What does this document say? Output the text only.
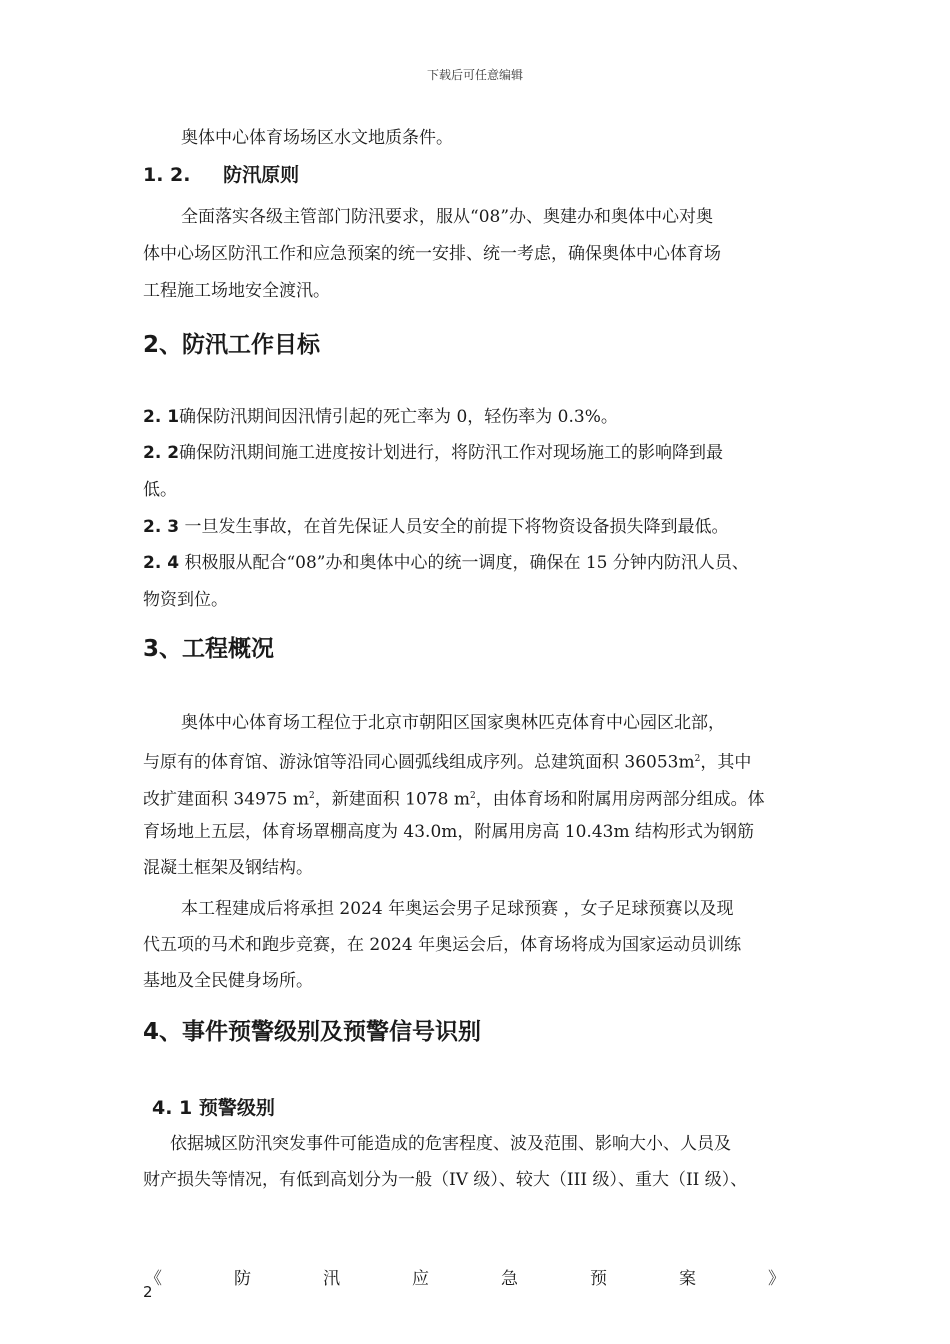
下载后可任意编辑
奥体中心体育场场区水文地质条件。
1. 2. 防汛原则
全面落实各级主管部门防汛要求，服从“08”办、奥建办和奥体中心对奥
体中心场区防汛工作和应急预案的统一安排、统一考虑，确保奥体中心体育场
工程施工场地安全渡汛。
2、防汛工作目标
2. 1确保防汛期间因汛情引起的死亡率为 0，轻伤率为 0.3%。
2. 2确保防汛期间施工进度按计划进行，将防汛工作对现场施工的影响降到最
低。
2. 3 一旦发生事故，在首先保证人员安全的前提下将物资设备损失降到最低。
2. 4 积极服从配合“08”办和奥体中心的统一调度，确保在 15 分钟内防汛人员、
物资到位。
3、工程概况
奥体中心体育场工程位于北京市朝阳区国家奥林匹克体育中心园区北部，
与原有的体育馆、游泳馆等沿同心圆弧线组成序列。总建筑面积 $36053m^2$，其中
改扩建面积 34975 $m^2$，新建面积 1078 $m^2$，由体育场和附属用房两部分组成。体
育场地上五层，体育场罩棚高度为 43.0m，附属用房高 10.43m 结构形式为钢筋
混凝土框架及钢结构。
本工程建成后将承担 2024 年奥运会男子足球预赛 ，女子足球预赛以及现
代五项的马术和跑步竞赛，在 2024 年奥运会后，体育场将成为国家运动员训练
基地及全民健身场所。
4、事件预警级别及预警信号识别
4. 1 预警级别
依据城区防汛突发事件可能造成的危害程度、波及范围、影响大小、人员及
财产损失等情况，有低到高划分为一般（IV 级）、较大（III 级）、重大（II 级）、
《	防	汛	应	急	预	案	》
2
